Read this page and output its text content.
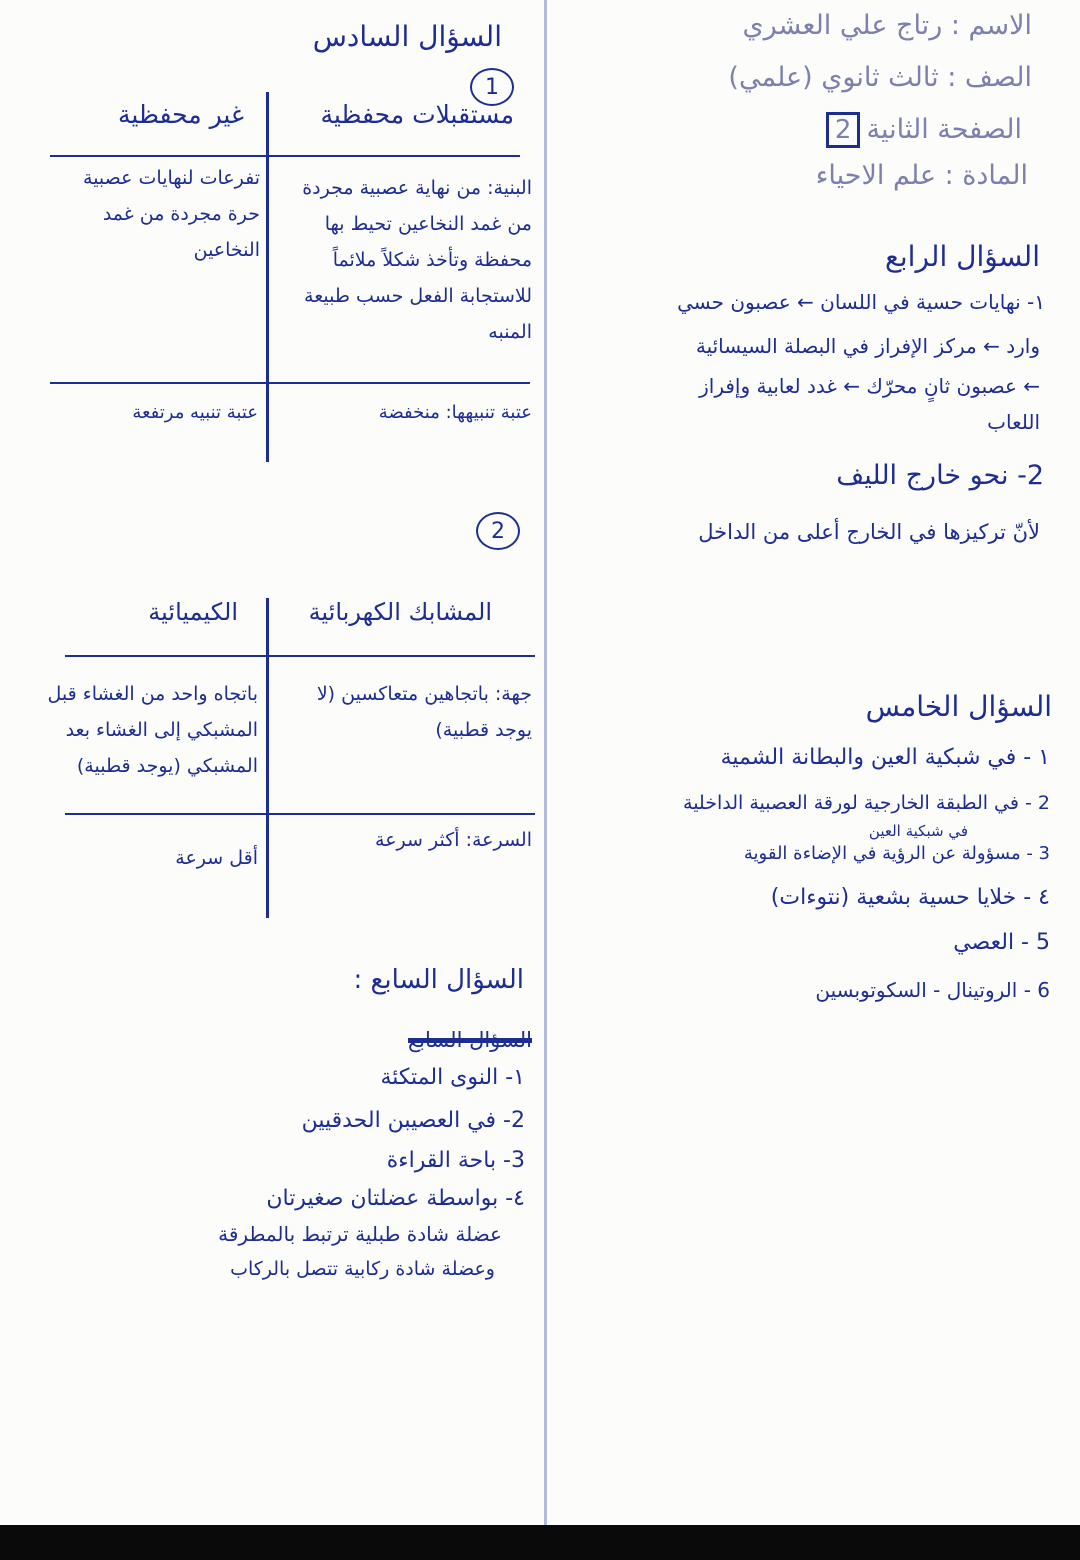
الاسم : رتاج علي العشري
الصف : ثالث ثانوي (علمي)
الصفحة الثانية2
المادة : علم الاحياء
السؤال الرابع
١- نهايات حسية في اللسان ← عصبون حسي
وارد ← مركز الإفراز في البصلة السيسائية
← عصبون ثانٍ محرّك ← غدد لعابية وإفراز
اللعاب
2- نحو خارج الليف
لأنّ تركيزها في الخارج أعلى من الداخل
السؤال الخامس
١ - في شبكية العين والبطانة الشمية
2 - في الطبقة الخارجية لورقة العصبية الداخلية
في شبكية العين
3 - مسؤولة عن الرؤية في الإضاءة القوية
٤ - خلايا حسية بشعية (نتوءات)
5 - العصي
6 - الروتينال - السكوتوبسين
السؤال السادس
1
مستقبلات محفظية
غير محفظية
البنية: من نهاية عصبية مجردة من غمد النخاعين تحيط بها محفظة وتأخذ شكلاً ملائماً للاستجابة الفعل حسب طبيعة المنبه
تفرعات لنهايات عصبية حرة مجردة من غمد النخاعين
عتبة تنبيهها: منخفضة
عتبة تنبيه مرتفعة
2
المشابك الكهربائية
الكيميائية
جهة: باتجاهين متعاكسين (لا يوجد قطبية)
باتجاه واحد من الغشاء قبل المشبكي إلى الغشاء بعد المشبكي (يوجد قطبية)
السرعة: أكثر سرعة
أقل سرعة
السؤال السابع :
السؤال السابع
١- النوى المتكئة
2- في العصيبن الحدقيين
3- باحة القراءة
٤- بواسطة عضلتان صغيرتان
عضلة شادة طبلية ترتبط بالمطرقة
وعضلة شادة ركابية تتصل بالركاب
